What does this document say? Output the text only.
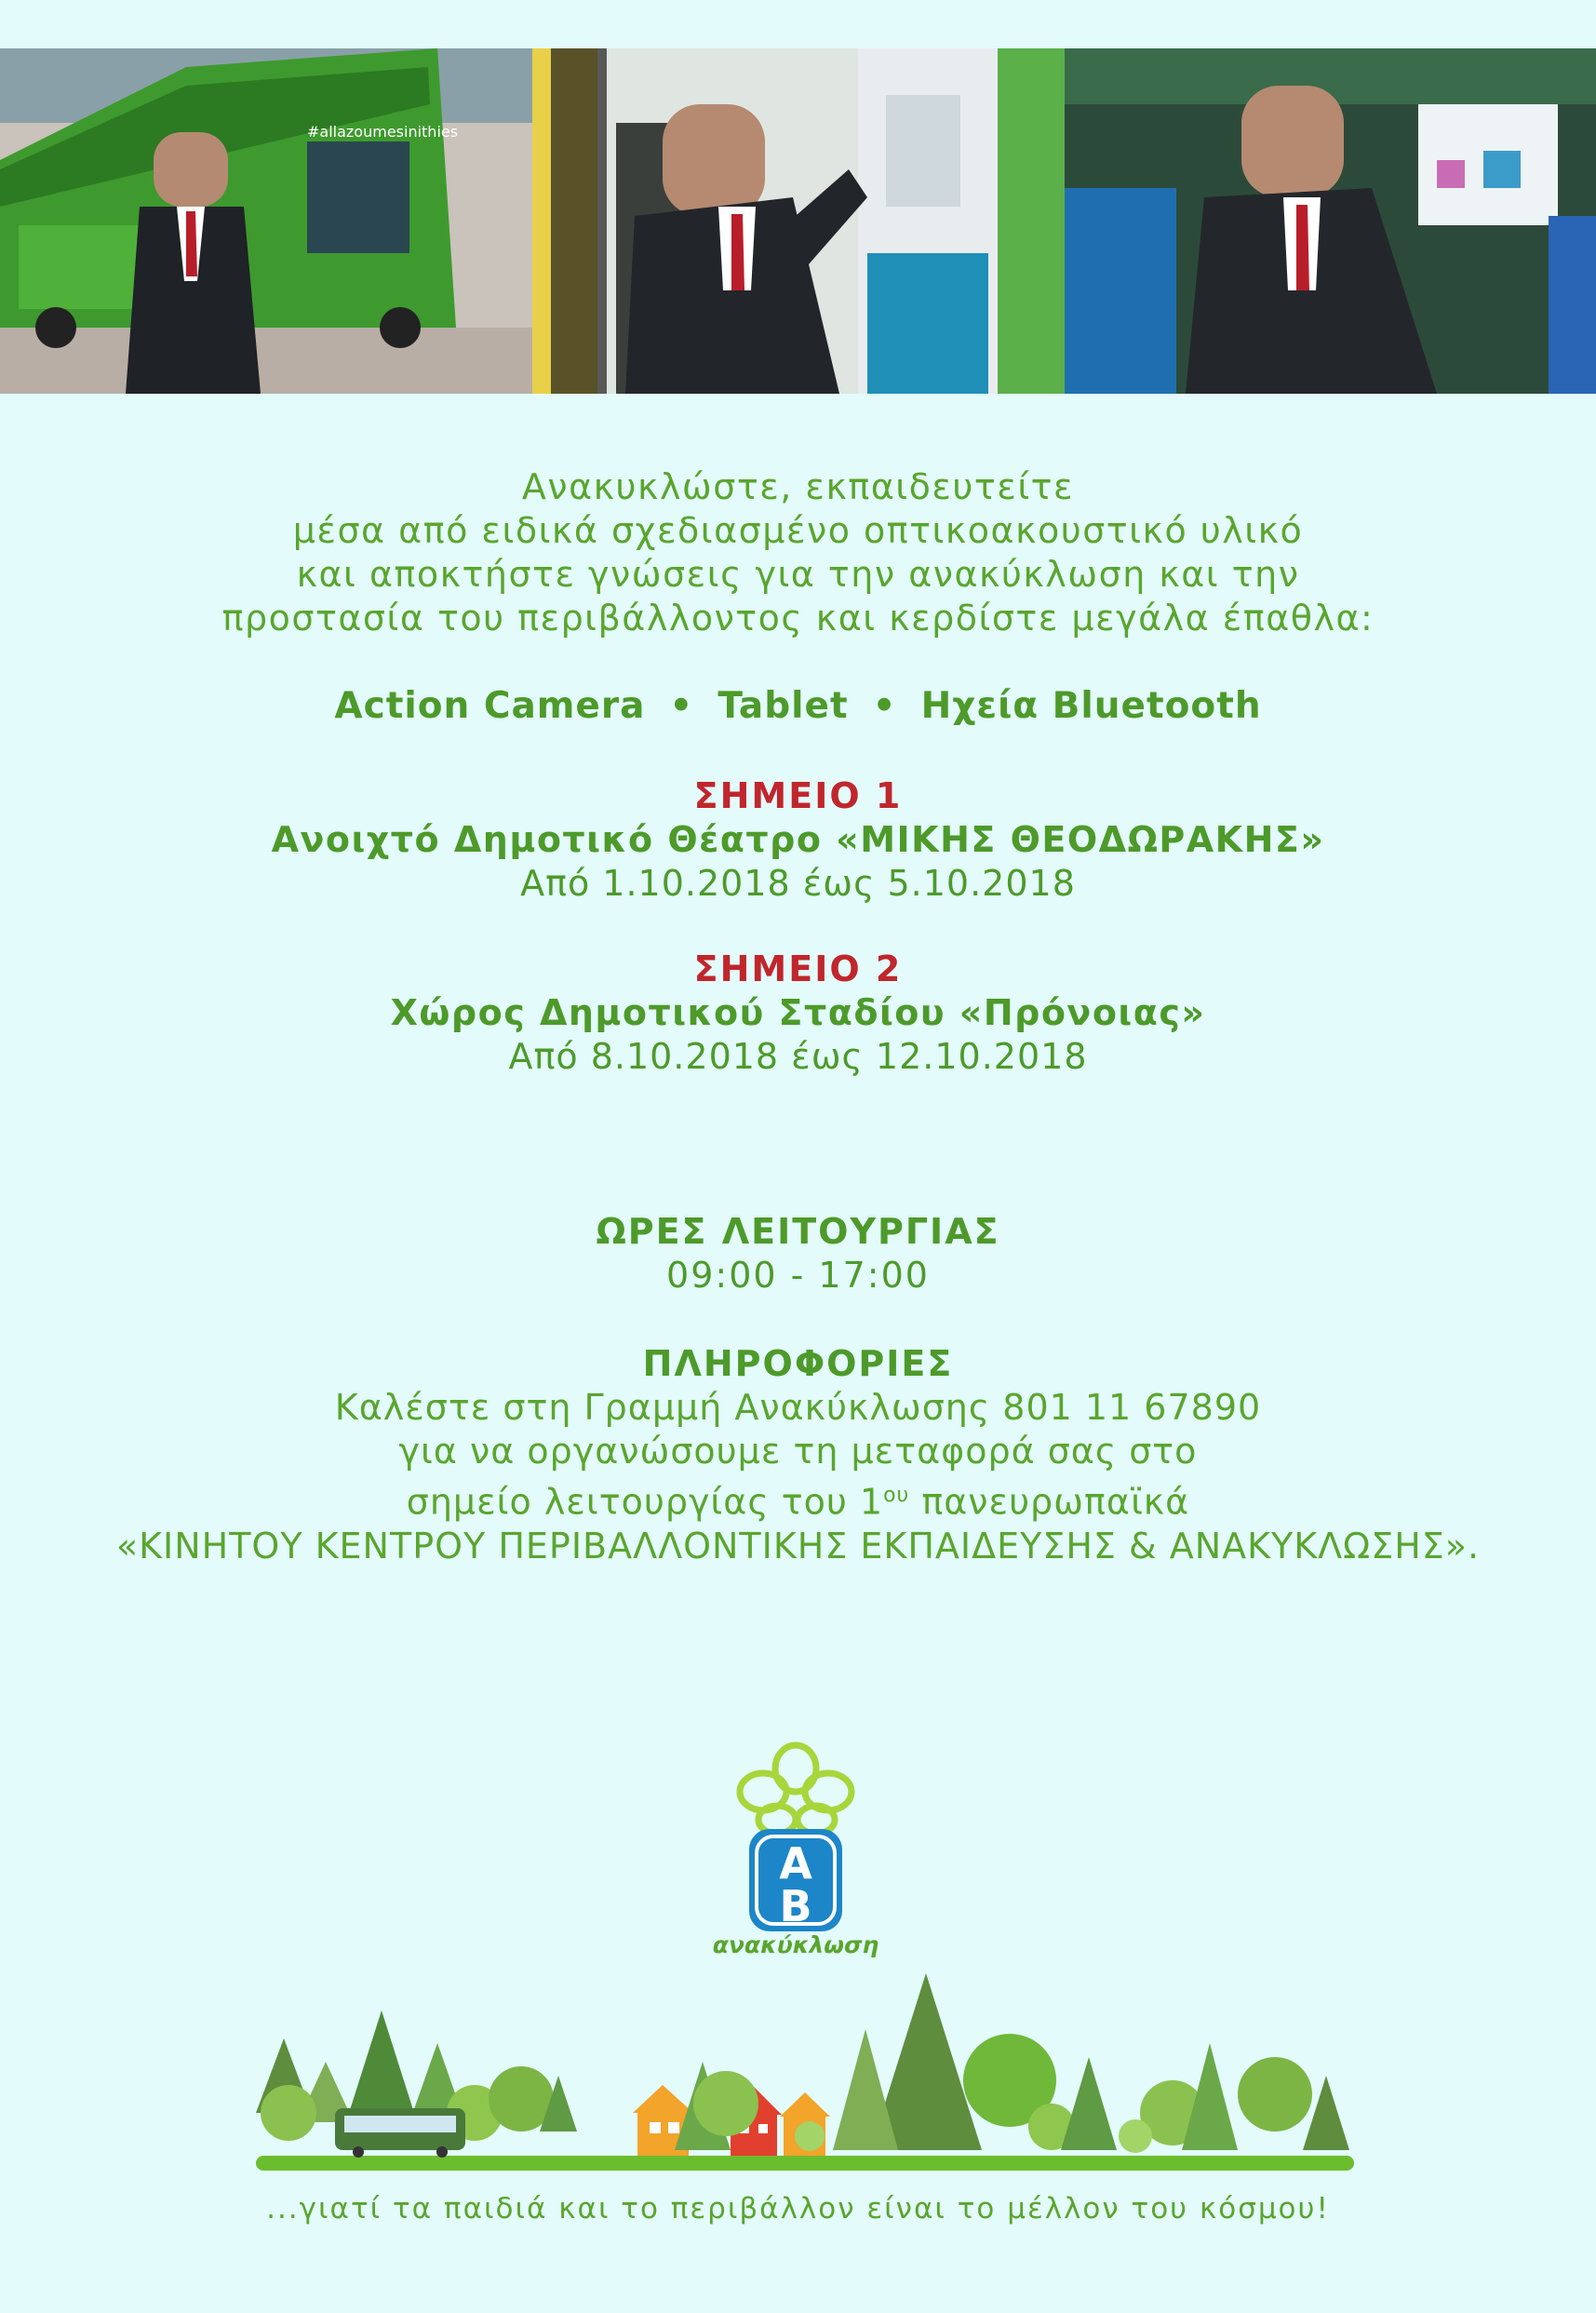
#allazoumesinithies
Ανακυκλώστε, εκπαιδευτείτε
μέσα από ειδικά σχεδιασμένο οπτικοακουστικό υλικό
και αποκτήστε γνώσεις για την ανακύκλωση και την
προστασία του περιβάλλοντος και κερδίστε μεγάλα έπαθλα:
Action Camera • Tablet • Ηχεία Bluetooth
ΣΗΜΕΙΟ 1
Ανοιχτό Δημοτικό Θέατρο «ΜΙΚΗΣ ΘΕΟΔΩΡΑΚΗΣ»
Από 1.10.2018 έως 5.10.2018
ΣΗΜΕΙΟ 2
Χώρος Δημοτικού Σταδίου «Πρόνοιας»
Από 8.10.2018 έως 12.10.2018
ΩΡΕΣ ΛΕΙΤΟΥΡΓΙΑΣ
09:00 - 17:00
ΠΛΗΡΟΦΟΡΙΕΣ
Καλέστε στη Γραμμή Ανακύκλωσης 801 11 67890
για να οργανώσουμε τη μεταφορά σας στο
σημείο λειτουργίας του $1^{o\upsilon}$ πανευρωπαϊκά
«ΚΙΝΗΤΟΥ ΚΕΝΤΡΟΥ ΠΕΡΙΒΑΛΛΟΝΤΙΚΗΣ ΕΚΠΑΙΔΕΥΣΗΣ & ΑΝΑΚΥΚΛΩΣΗΣ».
A
B
ανακύκλωση
...γιατί τα παιδιά και το περιβάλλον είναι το μέλλον του κόσμου!
